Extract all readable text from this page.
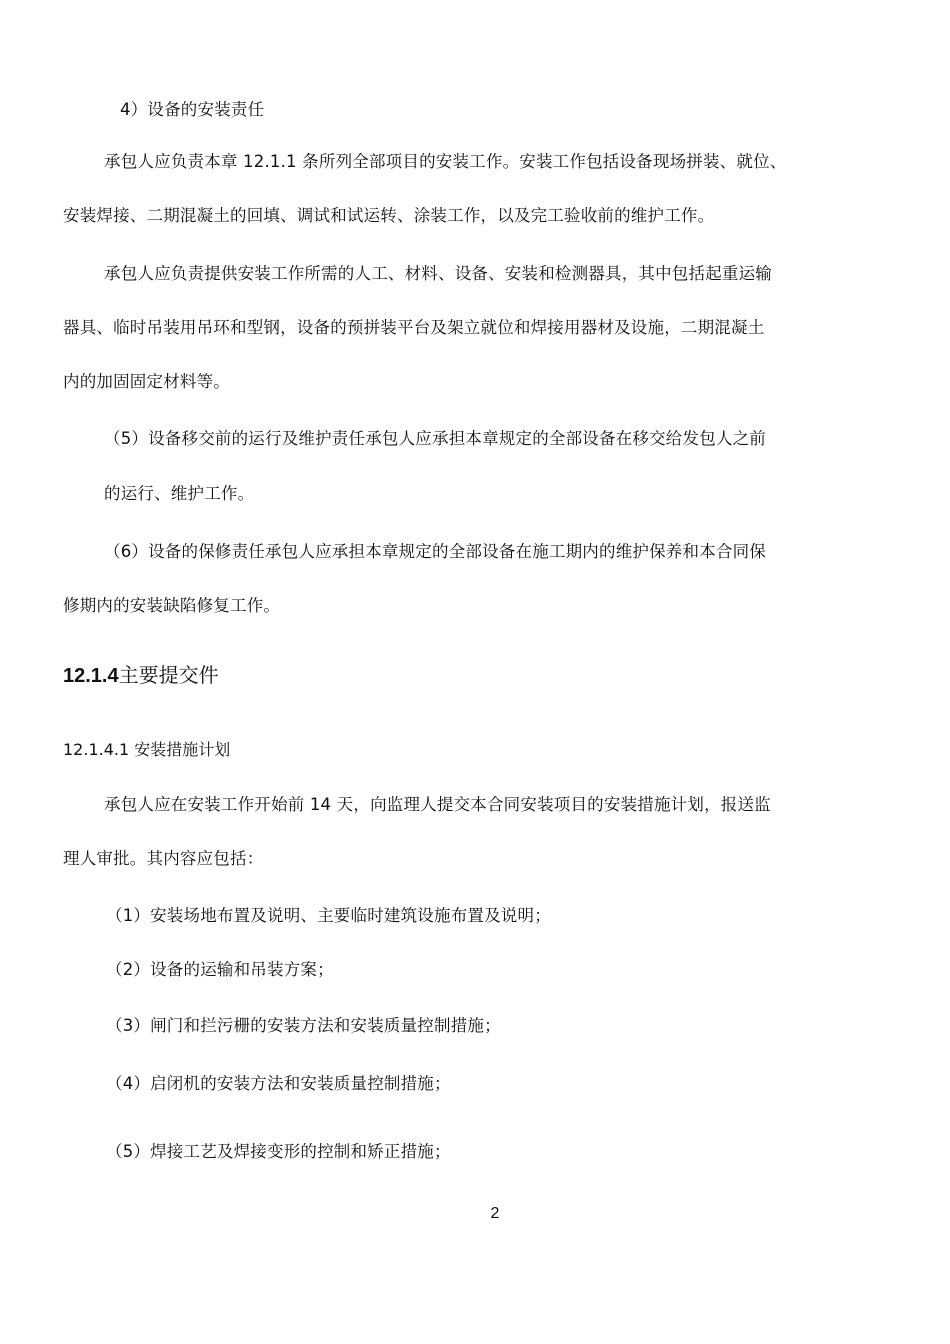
4）设备的安装责任
承包人应负责本章 12.1.1 条所列全部项目的安装工作。安装工作包括设备现场拼装、就位、
安装焊接、二期混凝土的回填、调试和试运转、涂装工作，以及完工验收前的维护工作。
承包人应负责提供安装工作所需的人工、材料、设备、安装和检测器具，其中包括起重运输
器具、临时吊装用吊环和型钢，设备的预拼装平台及架立就位和焊接用器材及设施，二期混凝土
内的加固固定材料等。
（5）设备移交前的运行及维护责任承包人应承担本章规定的全部设备在移交给发包人之前
的运行、维护工作。
（6）设备的保修责任承包人应承担本章规定的全部设备在施工期内的维护保养和本合同保
修期内的安装缺陷修复工作。
12.1.4主要提交件
12.1.4.1 安装措施计划
承包人应在安装工作开始前 14 天，向监理人提交本合同安装项目的安装措施计划，报送监
理人审批。其内容应包括：
（1）安装场地布置及说明、主要临时建筑设施布置及说明；
（2）设备的运输和吊装方案；
（3）闸门和拦污栅的安装方法和安装质量控制措施；
（4）启闭机的安装方法和安装质量控制措施；
（5）焊接工艺及焊接变形的控制和矫正措施；
2
